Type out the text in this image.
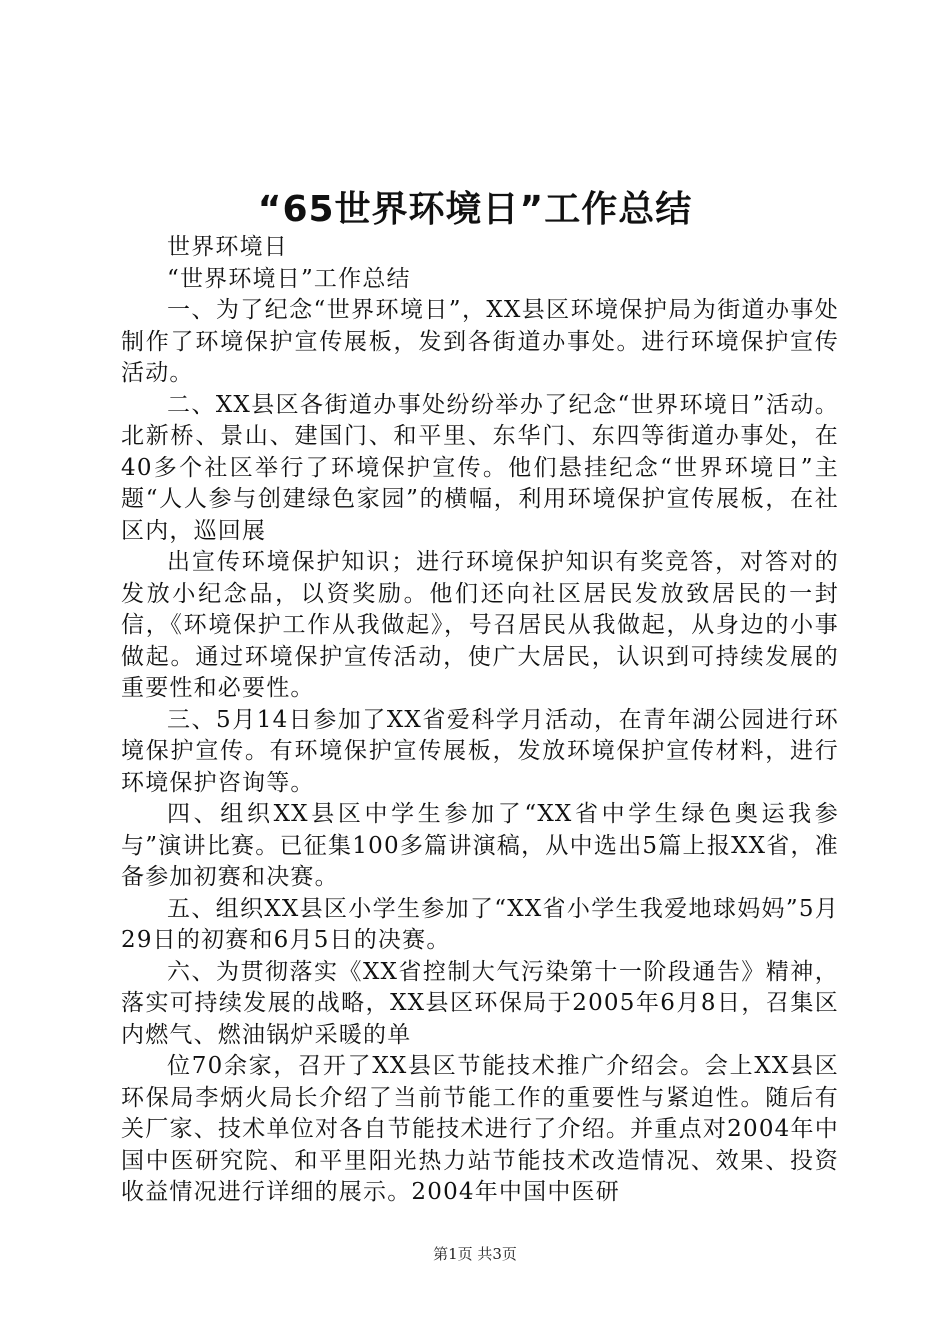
“65世界环境日”工作总结

世界环境日

“世界环境日”工作总结

一、为了纪念“世界环境日”，XX县区环境保护局为街道办事处制作了环境保护宣传展板，发到各街道办事处。进行环境保护宣传活动。

二、XX县区各街道办事处纷纷举办了纪念“世界环境日”活动。北新桥、景山、建国门、和平里、东华门、东四等街道办事处，在40多个社区举行了环境保护宣传。他们悬挂纪念“世界环境日”主题“人人参与创建绿色家园”的横幅，利用环境保护宣传展板，在社区内，巡回展

出宣传环境保护知识；进行环境保护知识有奖竞答，对答对的发放小纪念品，以资奖励。他们还向社区居民发放致居民的一封信，《环境保护工作从我做起》，号召居民从我做起，从身边的小事做起。通过环境保护宣传活动，使广大居民，认识到可持续发展的重要性和必要性。

三、5月14日参加了XX省爱科学月活动，在青年湖公园进行环境保护宣传。有环境保护宣传展板，发放环境保护宣传材料，进行环境保护咨询等。

四、组织XX县区中学生参加了“XX省中学生绿色奥运我参与”演讲比赛。已征集100多篇讲演稿，从中选出5篇上报XX省，准备参加初赛和决赛。

五、组织XX县区小学生参加了“XX省小学生我爱地球妈妈”5月29日的初赛和6月5日的决赛。

六、为贯彻落实《XX省控制大气污染第十一阶段通告》精神，落实可持续发展的战略，XX县区环保局于2005年6月8日，召集区内燃气、燃油锅炉采暖的单

位70余家，召开了XX县区节能技术推广介绍会。会上XX县区环保局李炳火局长介绍了当前节能工作的重要性与紧迫性。随后有关厂家、技术单位对各自节能技术进行了介绍。并重点对2004年中国中医研究院、和平里阳光热力站节能技术改造情况、效果、投资收益情况进行详细的展示。2004年中国中医研

第1页 共3页
